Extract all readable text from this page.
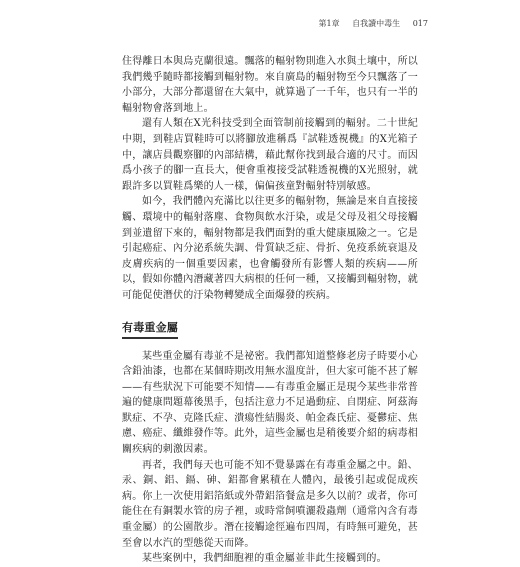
第1章 自我讀中毒生 017

住得離日本與烏克蘭很遠。飄落的輻射物則進入水與土壤中，所以我們幾乎隨時都接觸到輻射物。來自廣島的輻射物至今只飄落了一小部分，大部分都還留在大氣中，就算過了一千年，也只有一半的輻射物會落到地上。

還有人類在X光科技受到全面管制前接觸到的輻射。二十世紀中期，到鞋店買鞋時可以將腳放進稱爲『試鞋透視機』的X光箱子中，讓店員觀察腳的內部結構，藉此幫你找到最合適的尺寸。而因爲小孩子的腳一直長大，便會重複接受試鞋透視機的X光照射，就跟許多以買鞋爲樂的人一樣，偏偏孩童對輻射特別敏感。

如今，我們體內充滿比以往更多的輻射物，無論是來自直接接觸、環境中的輻射落塵、食物與飲水汙染，或是父母及祖父母接觸到並遺留下來的，輻射物都是我們面對的重大健康風險之一。它是引起癌症、內分泌系統失調、骨質缺乏症、骨折、免疫系統衰退及皮膚疾病的一個重要因素，也會觸發所有影響人類的疾病——所以，假如你體內潛藏著四大病根的任何一種，又接觸到輻射物，就可能促使潛伏的汙染物轉變成全面爆發的疾病。

有毒重金屬

某些重金屬有毒並不是祕密。我們都知道整修老房子時要小心含鉛油漆，也都在某個時期改用無水溫度計，但大家可能不甚了解——有些狀況下可能要不知情——有毒重金屬正是現今某些非常普遍的健康問題幕後黑手，包括注意力不足過動症、自閉症、阿茲海默症、不孕、克隆氏症、潰瘍性結腸炎、帕金森氏症、憂鬱症、焦慮、癌症、纖維發作等。此外，這些金屬也是稍後要介紹的病毒相關疾病的刺激因素。

再者，我們每天也可能不知不覺暴露在有毒重金屬之中。鉛、汞、銅、鋁、鎘、砷、鋁都會累積在人體內，最後引起或促成疾病。你上一次使用鋁箔紙或外帶鋁箔餐盒是多久以前？或者，你可能住在有銅製水管的房子裡，或時常飼噴灑殺蟲劑（通常內含有毒重金屬）的公園散步。潛在接觸途徑遍布四周，有時無可避免，甚至會以水汽的型態從天而降。

某些案例中，我們細胞裡的重金屬並非此生接觸到的。
